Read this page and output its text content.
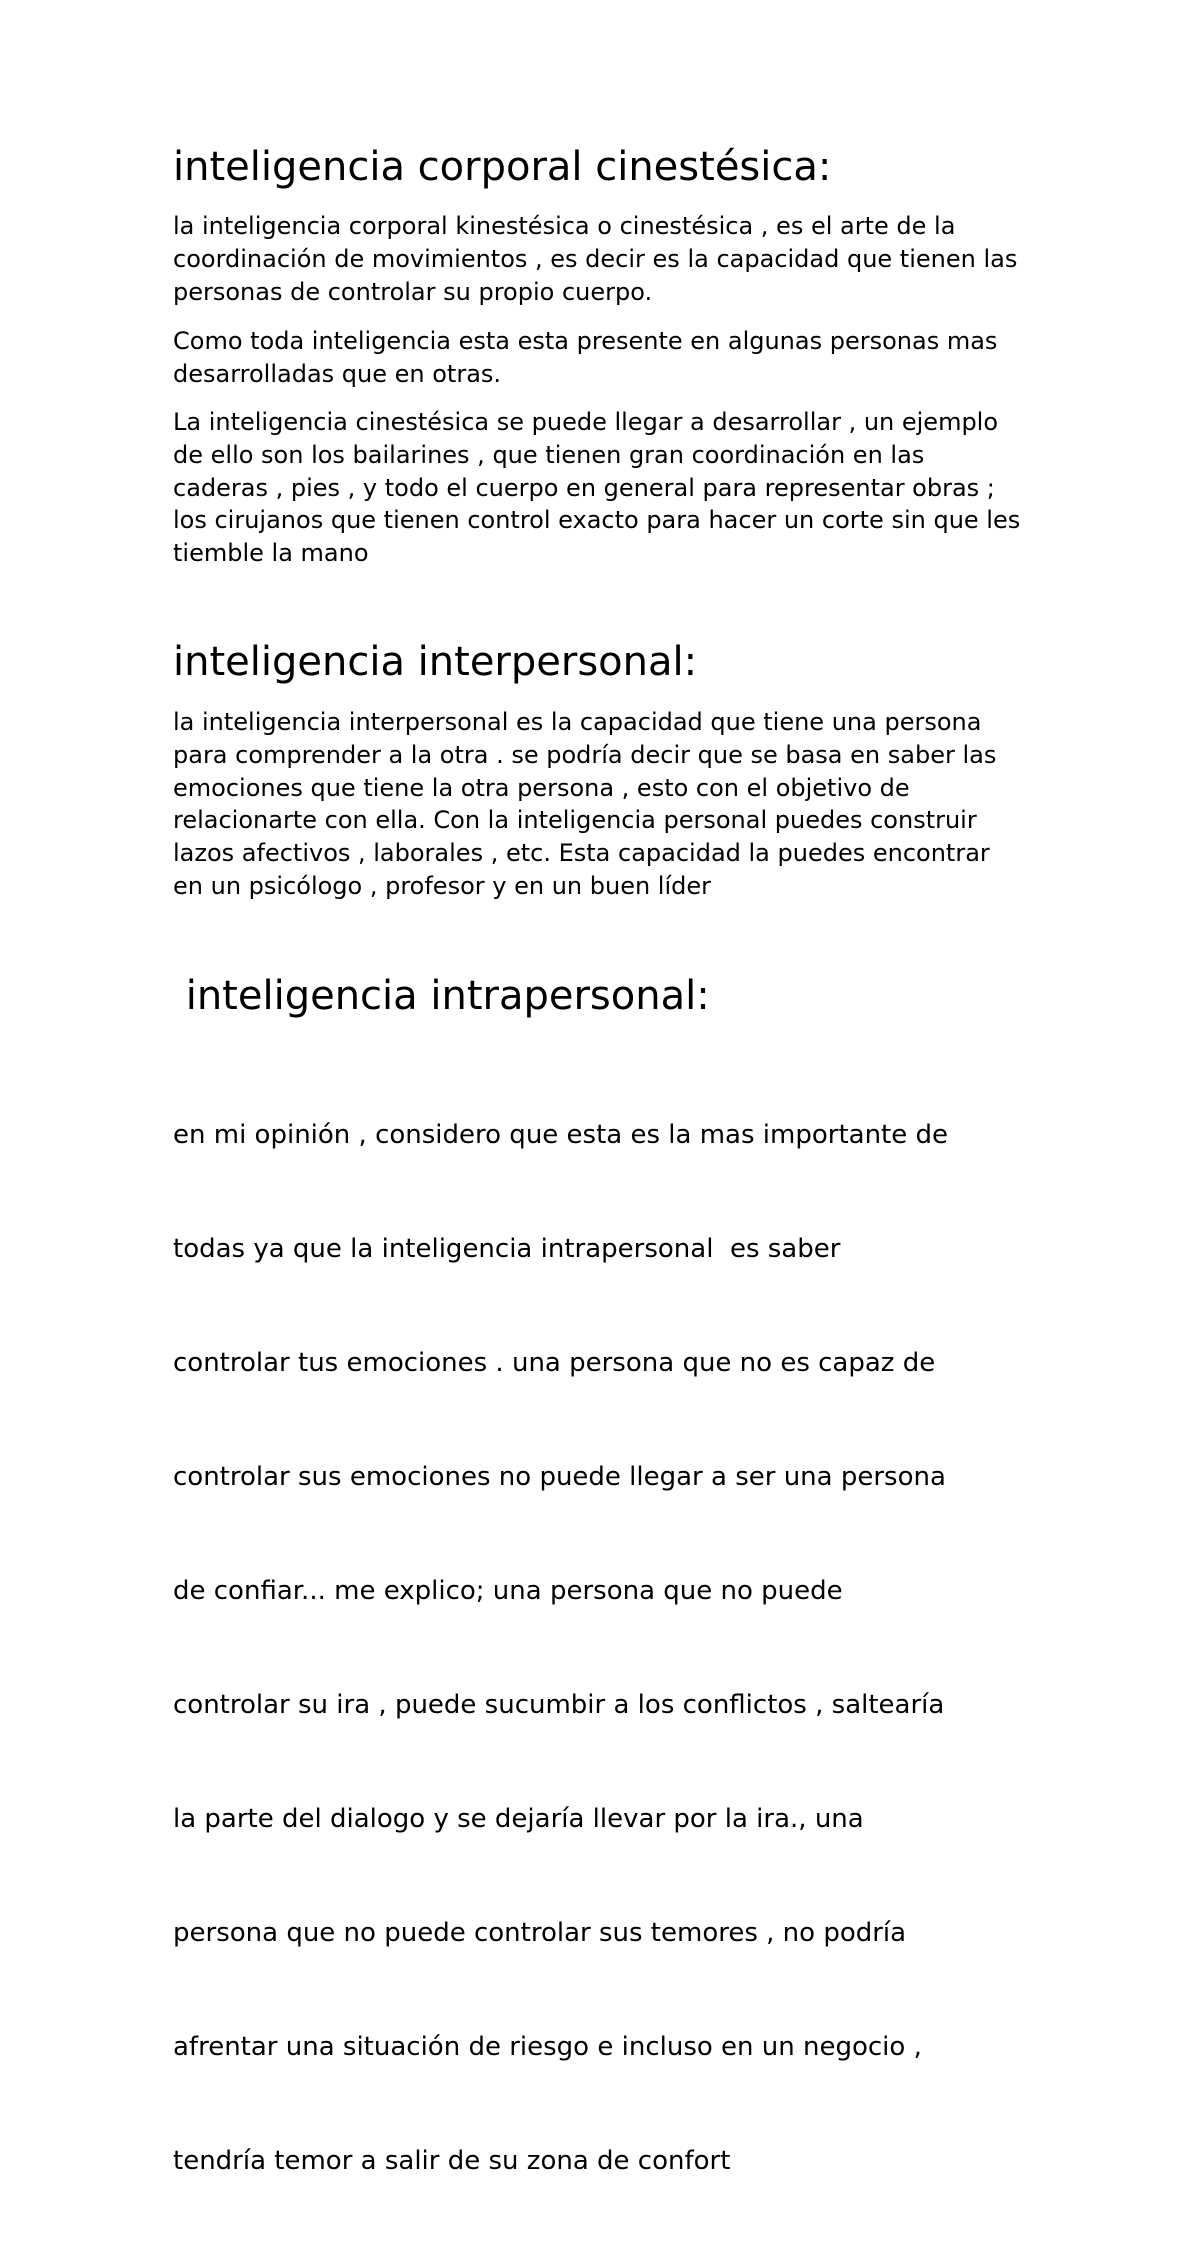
inteligencia corporal cinestésica:

la inteligencia corporal kinestésica o cinestésica , es el arte de la
coordinación de movimientos , es decir es la capacidad que tienen las
personas de controlar su propio cuerpo.

Como toda inteligencia esta esta presente en algunas personas mas
desarrolladas que en otras.

La inteligencia cinestésica se puede llegar a desarrollar , un ejemplo
de ello son los bailarines , que tienen gran coordinación en las
caderas , pies , y todo el cuerpo en general para representar obras ;
los cirujanos que tienen control exacto para hacer un corte sin que les
tiemble la mano

inteligencia interpersonal:

la inteligencia interpersonal es la capacidad que tiene una persona
para comprender a la otra . se podría decir que se basa en saber las
emociones que tiene la otra persona , esto con el objetivo de
relacionarte con ella. Con la inteligencia personal puedes construir
lazos afectivos , laborales , etc. Esta capacidad la puedes encontrar
en un psicólogo , profesor y en un buen líder

inteligencia intrapersonal:

en mi opinión , considero que esta es la mas importante de

todas ya que la inteligencia intrapersonal  es saber

controlar tus emociones . una persona que no es capaz de

controlar sus emociones no puede llegar a ser una persona

de confiar... me explico; una persona que no puede

controlar su ira , puede sucumbir a los conflictos , saltearía

la parte del dialogo y se dejaría llevar por la ira., una

persona que no puede controlar sus temores , no podría

afrentar una situación de riesgo e incluso en un negocio ,

tendría temor a salir de su zona de confort
